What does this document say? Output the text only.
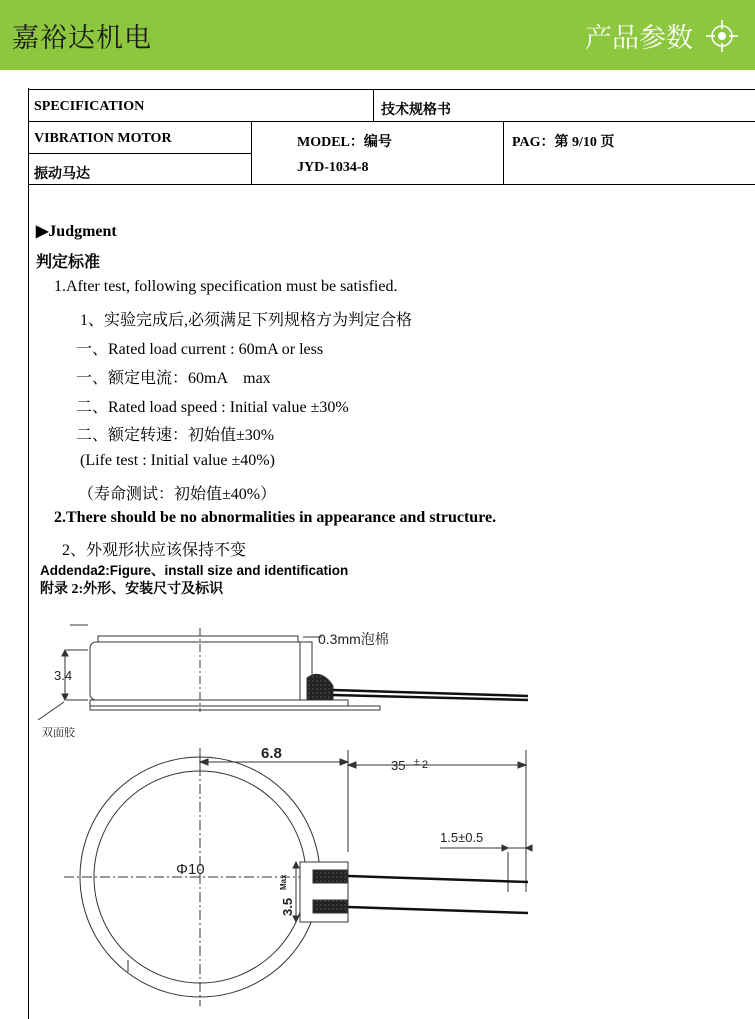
嘉裕达机电	产品参数
SPECIFICATION	技术规格书
VIBRATION MOTOR
振动马达
MODEL：编号
JYD-1034-8
PAG：第 9/10 页
▶Judgment
判定标准
1.After test, following specification must be satisfied.
1、实验完成后,必须满足下列规格方为判定合格
一、Rated load current : 60mA or less
一、额定电流：60mA　max
二、Rated load speed : Initial value ±30%
二、额定转速：初始值±30%
(Life test : Initial value ±40%)
（寿命测试：初始值±40%）
2.There should be no abnormalities in appearance and structure.
2、外观形状应该保持不变
Addenda2:Figure、install size and identification
附录 2:外形、安装尺寸及标识
0.3mm泡棉
3.4
双面胶
6.8
35 ± 2
1.5±0.5
Φ10
3.5
Max
